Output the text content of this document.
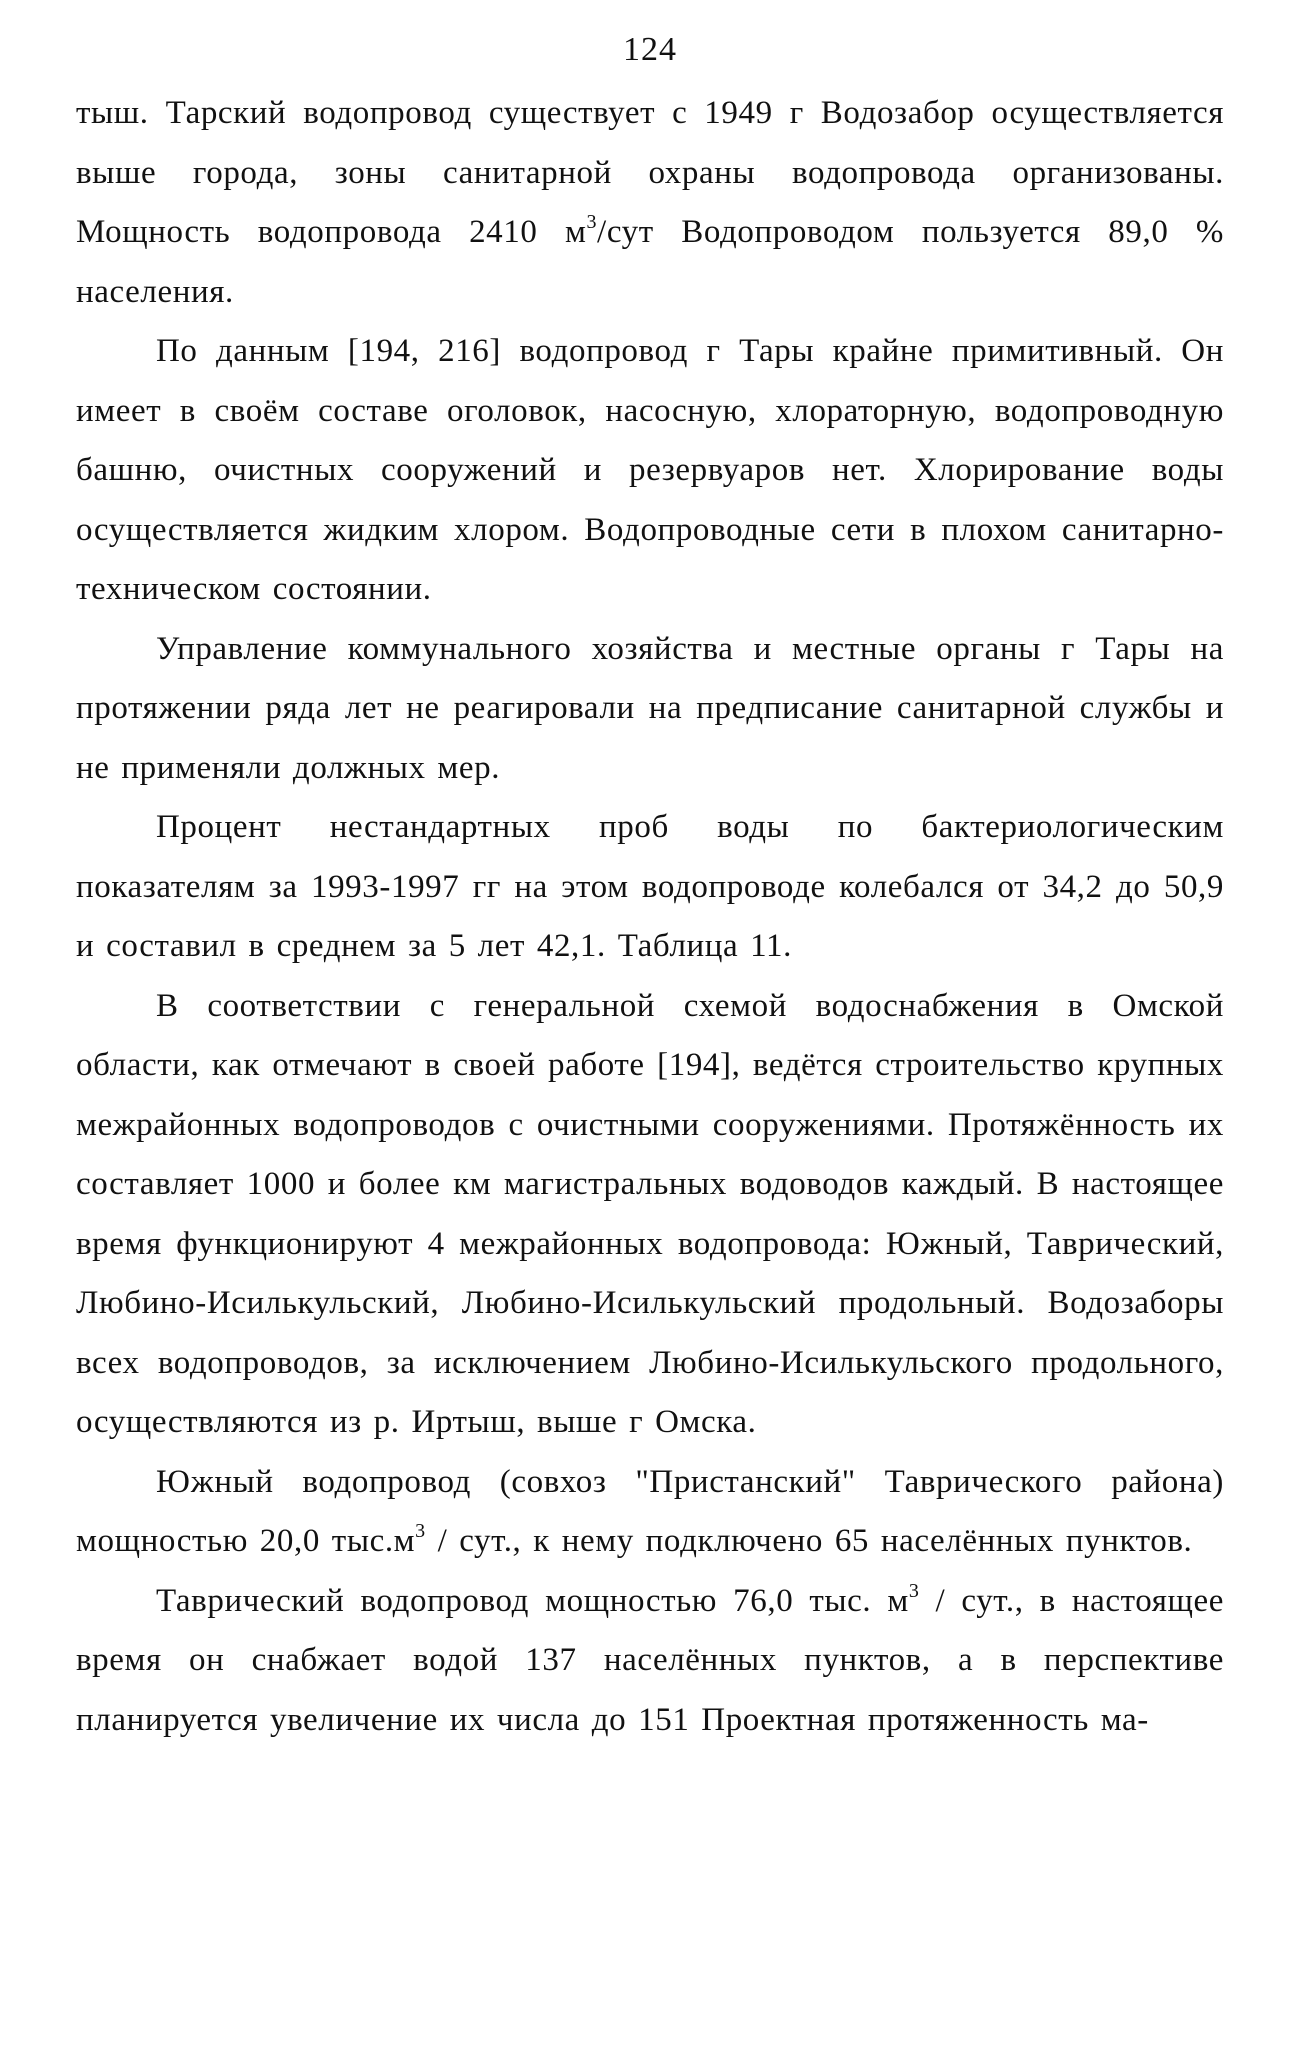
124

тыш. Тарский водопровод существует с 1949 г Водозабор осуществляется выше города, зоны санитарной охраны водопровода организованы. Мощность водопровода 2410 $м^3$/сут Водопроводом пользуется 89,0 % населения.

По данным [194, 216] водопровод г Тары крайне примитивный. Он имеет в своём составе оголовок, насосную, хлораторную, водопроводную башню, очистных сооружений и резервуаров нет. Хлорирование воды осуществляется жидким хлором. Водопроводные сети в плохом санитарно-техническом состоянии.

Управление коммунального хозяйства и местные органы г Тары на протяжении ряда лет не реагировали на предписание санитарной службы и не применяли должных мер.

Процент нестандартных проб воды по бактериологическим показателям за 1993-1997 гг на этом водопроводе колебался от 34,2 до 50,9 и составил в среднем за 5 лет 42,1. Таблица 11.

В соответствии с генеральной схемой водоснабжения в Омской области, как отмечают в своей работе [194], ведётся строительство крупных межрайонных водопроводов с очистными сооружениями. Протяжённость их составляет 1000 и более км магистральных водоводов каждый. В настоящее время функционируют 4 межрайонных водопровода: Южный, Таврический, Любино-Исилькульский, Любино-Исилькульский продольный. Водозаборы всех водопроводов, за исключением Любино-Исилькульского продольного, осуществляются из р. Иртыш, выше г Омска.

Южный водопровод (совхоз "Пристанский" Таврического района) мощностью 20,0 $тыс.м^3$ / сут., к нему подключено 65 населённых пунктов.

Таврический водопровод мощностью 76,0 тыс. $м^3$ / сут., в настоящее время он снабжает водой 137 населённых пунктов, а в перспективе планируется увеличение их числа до 151 Проектная протяженность ма-
